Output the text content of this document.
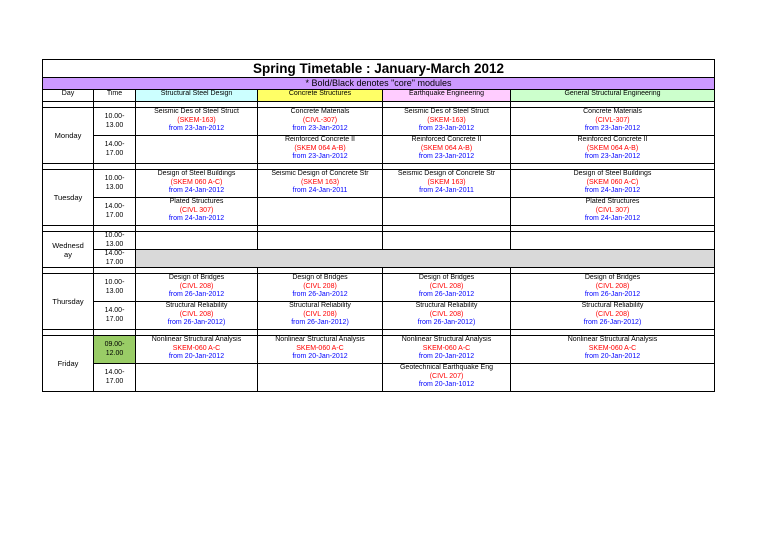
Spring Timetable : January-March 2012					
* Bold/Black denotes "core" modules					
Day	Time	Structural Steel Design	Concrete Structures	Earthquake Engineering	General Structural Engineering

Monday	10.00-
13.00	Seismic Des of Steel Struct
(SKEM-163)
from 23-Jan-2012	Concrete Materials
(CIVL-307)
from 23-Jan-2012	Seismic Des of Steel Struct
(SKEM-163)
from 23-Jan-2012	Concrete Materials
(CIVL-307)
from 23-Jan-2012

	14.00-
17.00		Reinforced Concrete II
(SKEM 064 A-B)
from 23-Jan-2012	Reinforced Concrete II
(SKEM 064 A-B)
from 23-Jan-2012	Reinforced Concrete II
(SKEM 064 A-B)
from 23-Jan-2012

Tuesday	10.00-
13.00	Design of Steel Buildings
(SKEM 060 A-C)
from 24-Jan-2012	Seismic Design of Concrete Str
(SKEM 163)
from 24-Jan-2011	Seismic Design of Concrete Str
(SKEM 163)
from 24-Jan-2011	Design of Steel Buildings
(SKEM 060 A-C)
from 24-Jan-2012

	14.00-
17.00	Plated Structures
(CIVL 307)
from 24-Jan-2012			Plated Structures
(CIVL 307)
from 24-Jan-2012

Wednesd
ay	10.00-
13.00				
	14.00-
17.00				

Thursday	10.00-
13.00	Design of Bridges
(CIVL 208)
from 26-Jan-2012	Design of Bridges
(CIVL 208)
from 26-Jan-2012	Design of Bridges
(CIVL 208)
from 26-Jan-2012	Design of Bridges
(CIVL 208)
from 26-Jan-2012

	14.00-
17.00	Structural Reliability
(CIVL 208)
from 26-Jan-2012)	Structural Reliability
(CIVL 208)
from 26-Jan-2012)	Structural Reliability
(CIVL 208)
from 26-Jan-2012)	Structural Reliability
(CIVL 208)
from 26-Jan-2012)

Friday	09.00-
12.00	Nonlinear Structural Analysis
SKEM-060 A-C
from 20-Jan-2012	Nonlinear Structural Analysis
SKEM-060 A-C
from 20-Jan-2012	Nonlinear Structural Analysis
SKEM-060 A-C
from 20-Jan-2012	Nonlinear Structural Analysis
SKEM-060 A-C
from 20-Jan-2012

	14.00-
17.00			Geotechnical Earthquake Eng
(CIVL 207)
from 20-Jan-1012	
